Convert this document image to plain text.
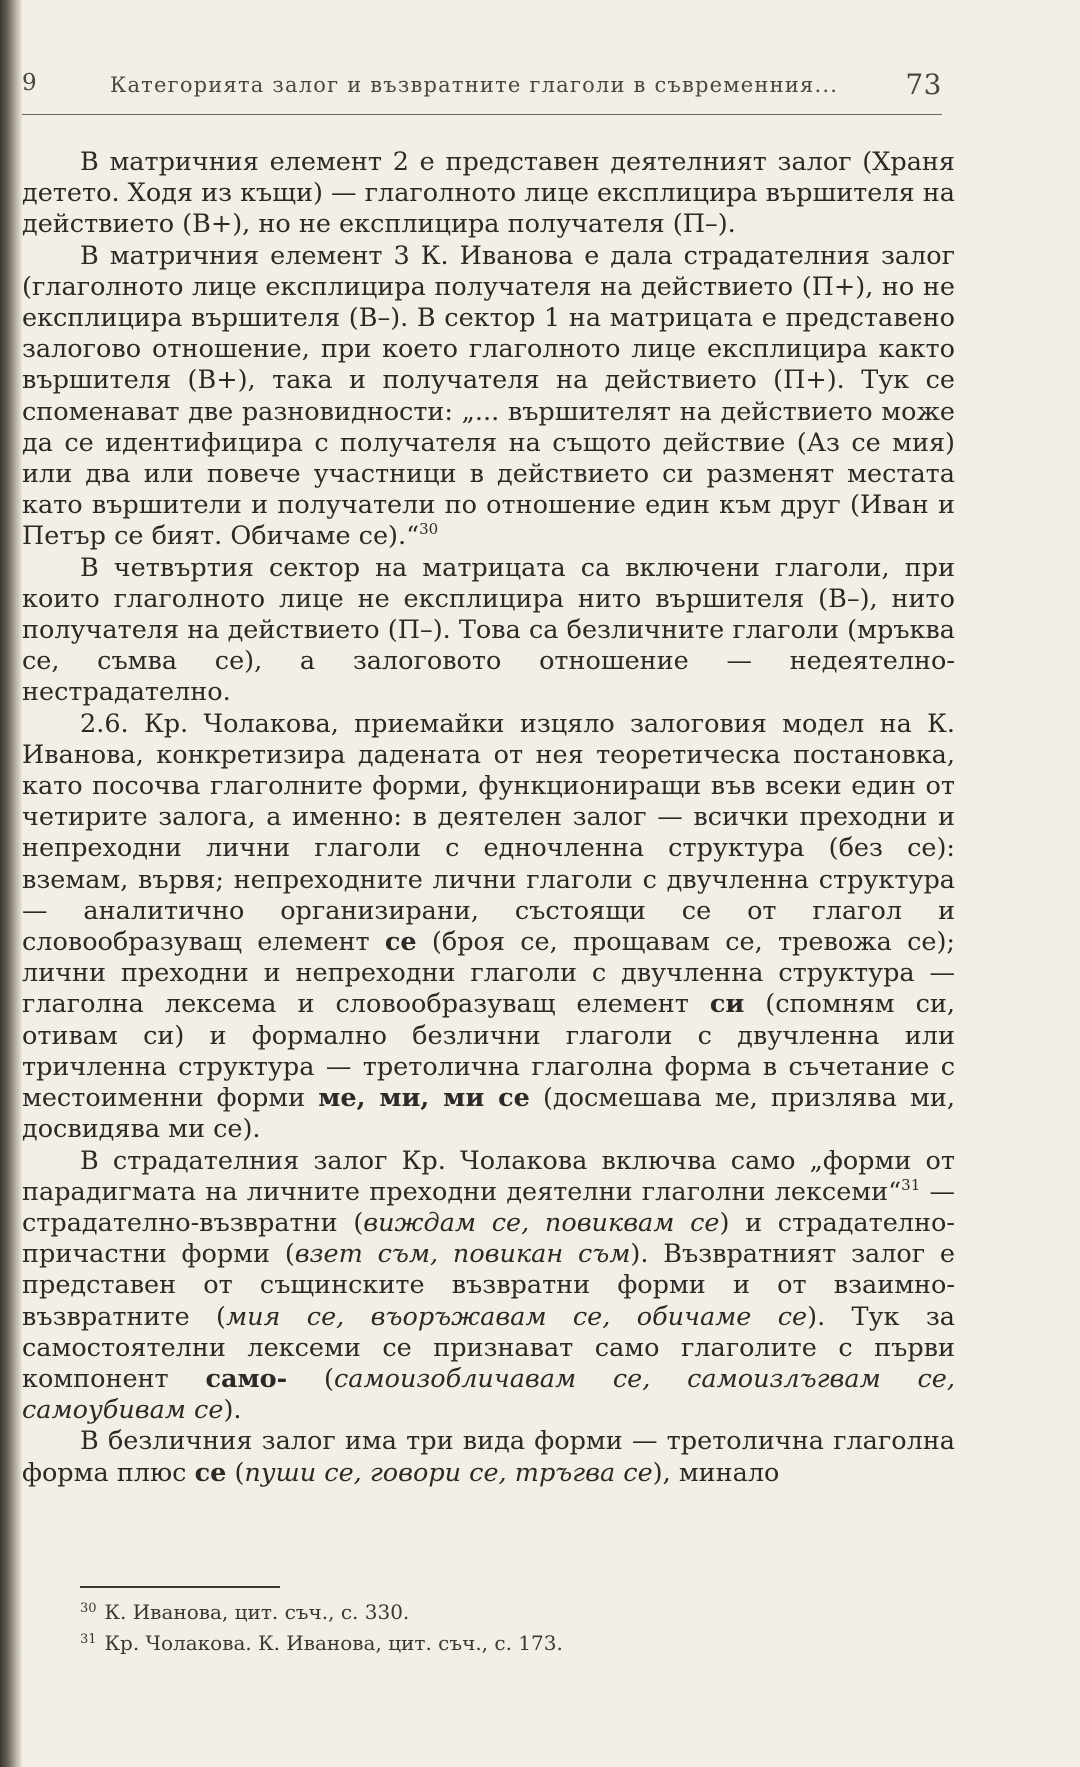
9	Категорията залог и възвратните глаголи в съвременния... 73

В матричния елемент 2 е представен деятелният залог (Храня детето. Ходя из къщи) — глаголното лице експлицира вършителя на действието (В+), но не експлицира получателя (П–).

В матричния елемент 3 К. Иванова е дала страдателния залог (глаголното лице експлицира получателя на действието (П+), но не експлицира вършителя (В–). В сектор 1 на матрицата е представено залогово отношение, при което глаголното лице експлицира както вършителя (В+), така и получателя на действието (П+). Тук се споменават две разновидности: „... вършителят на действието може да се идентифицира с получателя на същото действие (Аз се мия) или два или повече участници в действието си разменят местата като вършители и получатели по отношение един към друг (Иван и Петър се бият. Обичаме се).“$^{30}$

В четвъртия сектор на матрицата са включени глаголи, при които глаголното лице не експлицира нито вършителя (В–), нито получателя на действието (П–). Това са безличните глаголи (мръква се, съмва се), а залоговото отношение — недеятелно-нестрадателно.

2.6. Кр. Чолакова, приемайки изцяло залоговия модел на К. Иванова, конкретизира дадената от нея теоретическа постановка, като посочва глаголните форми, функциониращи във всеки един от четирите залога, а именно: в деятелен залог — всички преходни и непреходни лични глаголи с едночленна структура (без се): вземам, вървя; непреходните лични глаголи с двучленна структура — аналитично организирани, състоящи се от глагол и словообразуващ елемент се (броя се, прощавам се, тревожа се); лични преходни и непреходни глаголи с двучленна структура — глаголна лексема и словообразуващ елемент си (спомням си, отивам си) и формално безлични глаголи с двучленна или тричленна структура — третолична глаголна форма в съчетание с местоименни форми ме, ми, ми се (досмешава ме, призлява ми, досвидява ми се).

В страдателния залог Кр. Чолакова включва само „форми от парадигмата на личните преходни деятелни глаголни лексеми“$^{31}$ — страдателно-възвратни (виждам се, повиквам се) и страдателно-причастни форми (взет съм, повикан съм). Възвратният залог е представен от същинските възвратни форми и от взаимно-възвратните (мия се, въоръжавам се, обичаме се). Тук за самостоятелни лексеми се признават само глаголите с първи компонент само- (самоизобличавам се, самоизлъгвам се, самоубивам се).

В безличния залог има три вида форми — третолична глаголна форма плюс се (пуши се, говори се, тръгва се), минало

$^{30}$ К. Иванова, цит. съч., с. 330.
$^{31}$ Кр. Чолакова. К. Иванова, цит. съч., с. 173.
